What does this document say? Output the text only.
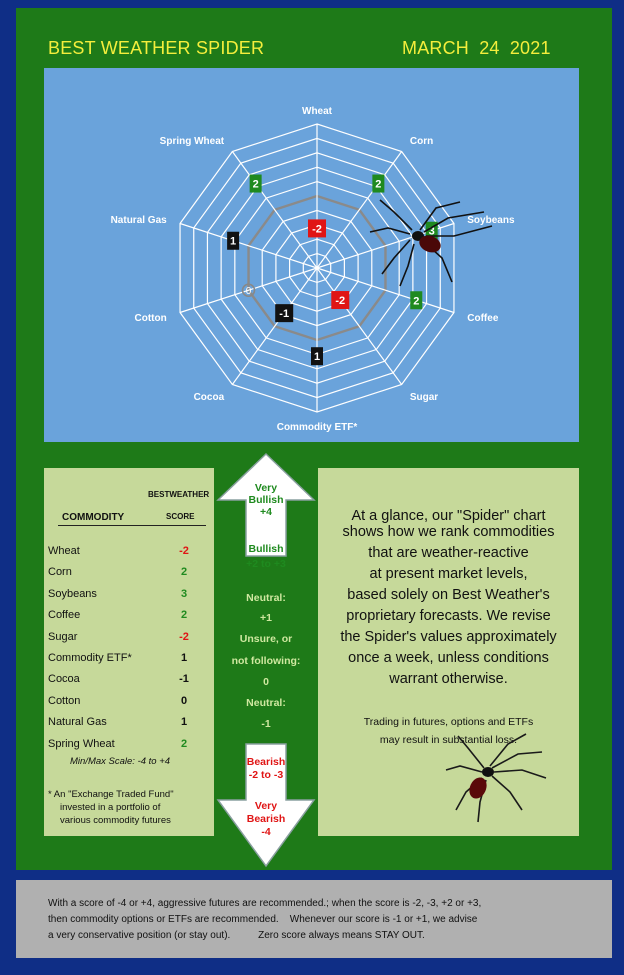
BEST WEATHER SPIDER	MARCH 24 2021
Wheat
Corn
Soybeans
Coffee
Sugar
Commodity ETF*
Cocoa
Cotton
Natural Gas
Spring Wheat
-2
2
3
2
-2
1
-1
0
1
2
BESTWEATHER
COMMODITY	SCORE
Wheat	-2
Corn	2
Soybeans	3
Coffee	2
Sugar	-2
Commodity ETF*	1
Cocoa	-1
Cotton	0
Natural Gas	1
Spring Wheat	2
Min/Max Scale: -4 to +4
* An "Exchange Traded Fund"
invested in a portfolio of
various commodity futures
Very
Bullish
+4
Bullish
+2 to +3
Neutral:
+1
Unsure, or
not following:
0
Neutral:
-1
Bearish
-2 to -3
Very
Bearish
-4
At a glance, our "Spider" chart
shows how we rank commodities
that are weather-reactive
at present market levels,
based solely on Best Weather's
proprietary forecasts. We revise
the Spider's values approximately
once a week, unless conditions
warrant otherwise.
Trading in futures, options and ETFs
may result in substantial loss.
With a score of -4 or +4, aggressive futures are recommended.; when the score is -2, -3, +2 or +3,
then commodity options or ETFs are recommended.    Whenever our score is -1 or +1, we advise
a very conservative position (or stay out).          Zero score always means STAY OUT.
